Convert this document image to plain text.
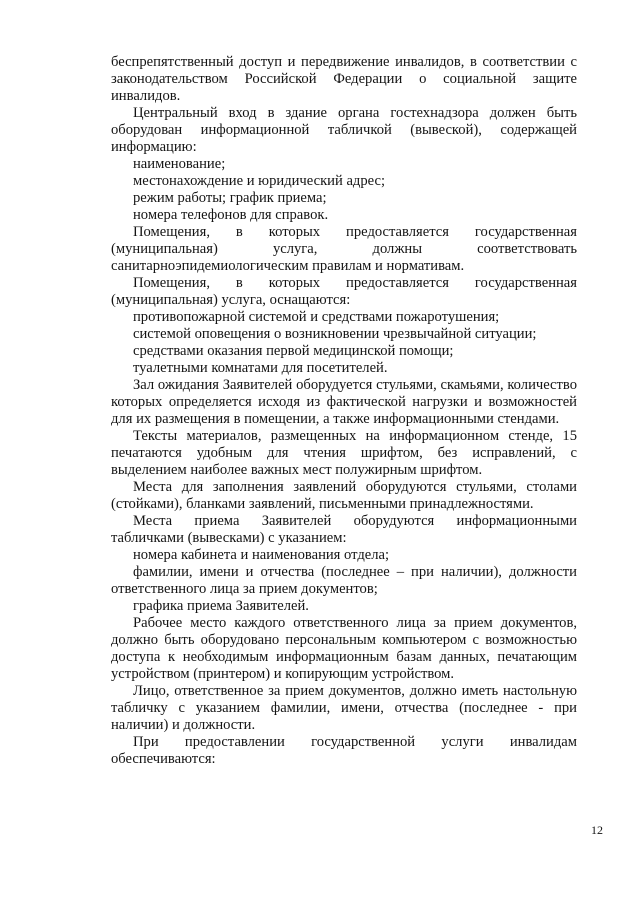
беспрепятственный доступ и передвижение инвалидов, в соответствии с законодательством Российской Федерации о социальной защите инвалидов.

Центральный вход в здание органа гостехнадзора должен быть оборудован информационной табличкой (вывеской), содержащей информацию:

наименование;

местонахождение и юридический адрес;

режим работы; график приема;

номера телефонов для справок.

Помещения, в которых предоставляется государственная (муниципальная) услуга, должны соответствовать санитарноэпидемиологическим правилам и нормативам.

Помещения, в которых предоставляется государственная (муниципальная) услуга, оснащаются:

противопожарной системой и средствами пожаротушения;

системой оповещения о возникновении чрезвычайной ситуации;

средствами оказания первой медицинской помощи;

туалетными комнатами для посетителей.

Зал ожидания Заявителей оборудуется стульями, скамьями, количество которых определяется исходя из фактической нагрузки и возможностей для их размещения в помещении, а также информационными стендами.

Тексты материалов, размещенных на информационном стенде, 15 печатаются удобным для чтения шрифтом, без исправлений, с выделением наиболее важных мест полужирным шрифтом.

Места для заполнения заявлений оборудуются стульями, столами (стойками), бланками заявлений, письменными принадлежностями.

Места приема Заявителей оборудуются информационными табличками (вывесками) с указанием:

номера кабинета и наименования отдела;

фамилии, имени и отчества (последнее – при наличии), должности ответственного лица за прием документов;

графика приема Заявителей.

Рабочее место каждого ответственного лица за прием документов, должно быть оборудовано персональным компьютером с возможностью доступа к необходимым информационным базам данных, печатающим устройством (принтером) и копирующим устройством.

Лицо, ответственное за прием документов, должно иметь настольную табличку с указанием фамилии, имени, отчества (последнее - при наличии) и должности.

При предоставлении государственной услуги инвалидам обеспечиваются:

12
